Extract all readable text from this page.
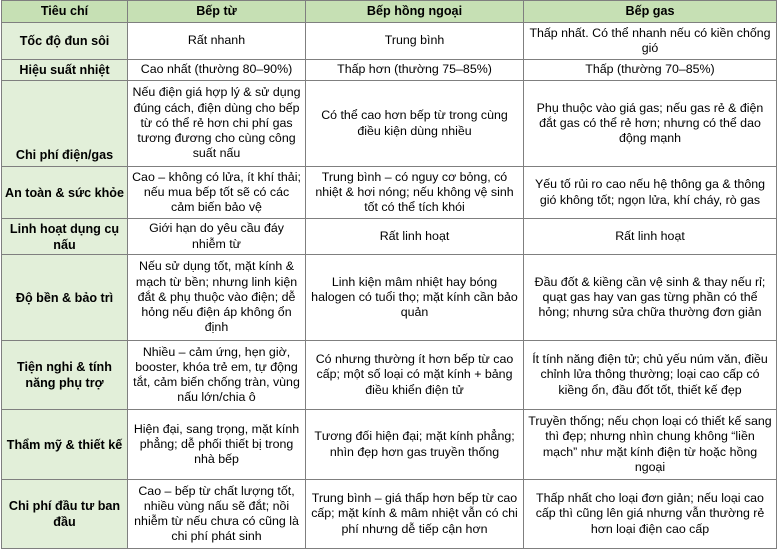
Tiêu chí	Bếp từ	Bếp hồng ngoại	Bếp gas
Tốc độ đun sôi	Rất nhanh	Trung bình	Thấp nhất. Có thể nhanh nếu có kiền chống gió
Hiệu suất nhiệt	Cao nhất (thường 80–90%)	Thấp hơn (thường 75–85%)	Thấp (thường 70–85%)
Chi phí điện/gas	Nếu điện giá hợp lý & sử dụng đúng cách, điện dùng cho bếp từ có thể rẻ hơn chi phí gas tương đương cho cùng công suất nấu	Có thể cao hơn bếp từ trong cùng điều kiện dùng nhiều	Phụ thuộc vào giá gas; nếu gas rẻ & điện đắt gas có thể rẻ hơn; nhưng có thể dao động mạnh
An toàn & sức khỏe	Cao – không có lửa, ít khí thải; nếu mua bếp tốt sẽ có các cảm biến bảo vệ	Trung bình – có nguy cơ bỏng, có nhiệt & hơi nóng; nếu không vệ sinh tốt có thể tích khói	Yếu tố rủi ro cao nếu hệ thông ga & thông gió không tốt; ngọn lửa, khí cháy, rò gas
Linh hoạt dụng cụ nấu	Giới hạn do yêu cầu đáy nhiễm từ	Rất linh hoạt	Rất linh hoạt
Độ bền & bảo trì	Nếu sử dụng tốt, mặt kính & mạch từ bền; nhưng linh kiện đắt & phụ thuộc vào điện; dễ hỏng nếu điện áp không ổn định	Linh kiện mâm nhiệt hay bóng halogen có tuổi thọ; mặt kính cần bảo quản	Đầu đốt & kiềng cần vệ sinh & thay nếu rỉ; quạt gas hay van gas từng phần có thể hỏng; nhưng sửa chữa thường đơn giản
Tiện nghi & tính năng phụ trợ	Nhiều – cảm ứng, hẹn giờ, booster, khóa trẻ em, tự động tắt, cảm biến chống tràn, vùng nấu lớn/chia ô	Có nhưng thường ít hơn bếp từ cao cấp; một số loại có mặt kính + bảng điều khiển điện tử	Ít tính năng điện tử; chủ yếu núm văn, điều chỉnh lửa thông thường; loại cao cấp có kiềng ổn, đầu đốt tốt, thiết kế đẹp
Thẩm mỹ & thiết kế	Hiện đại, sang trọng, mặt kính phẳng; dễ phối thiết bị trong nhà bếp	Tương đối hiện đại; mặt kính phẳng; nhìn đẹp hơn gas truyền thống	Truyền thống; nếu chọn loại có thiết kế sang thì đẹp; nhưng nhìn chung không “liền mạch” như mặt kính điện từ hoặc hồng ngoại
Chi phí đầu tư ban đầu	Cao – bếp từ chất lượng tốt, nhiều vùng nấu sẽ đắt; nồi nhiễm từ nếu chưa có cũng là chi phí phát sinh	Trung bình – giá thấp hơn bếp từ cao cấp; mặt kính & mâm nhiệt vẫn có chi phí nhưng dễ tiếp cận hơn	Thấp nhất cho loại đơn giản; nếu loại cao cấp thì cũng lên giá nhưng vẫn thường rẻ hơn loại điện cao cấp
